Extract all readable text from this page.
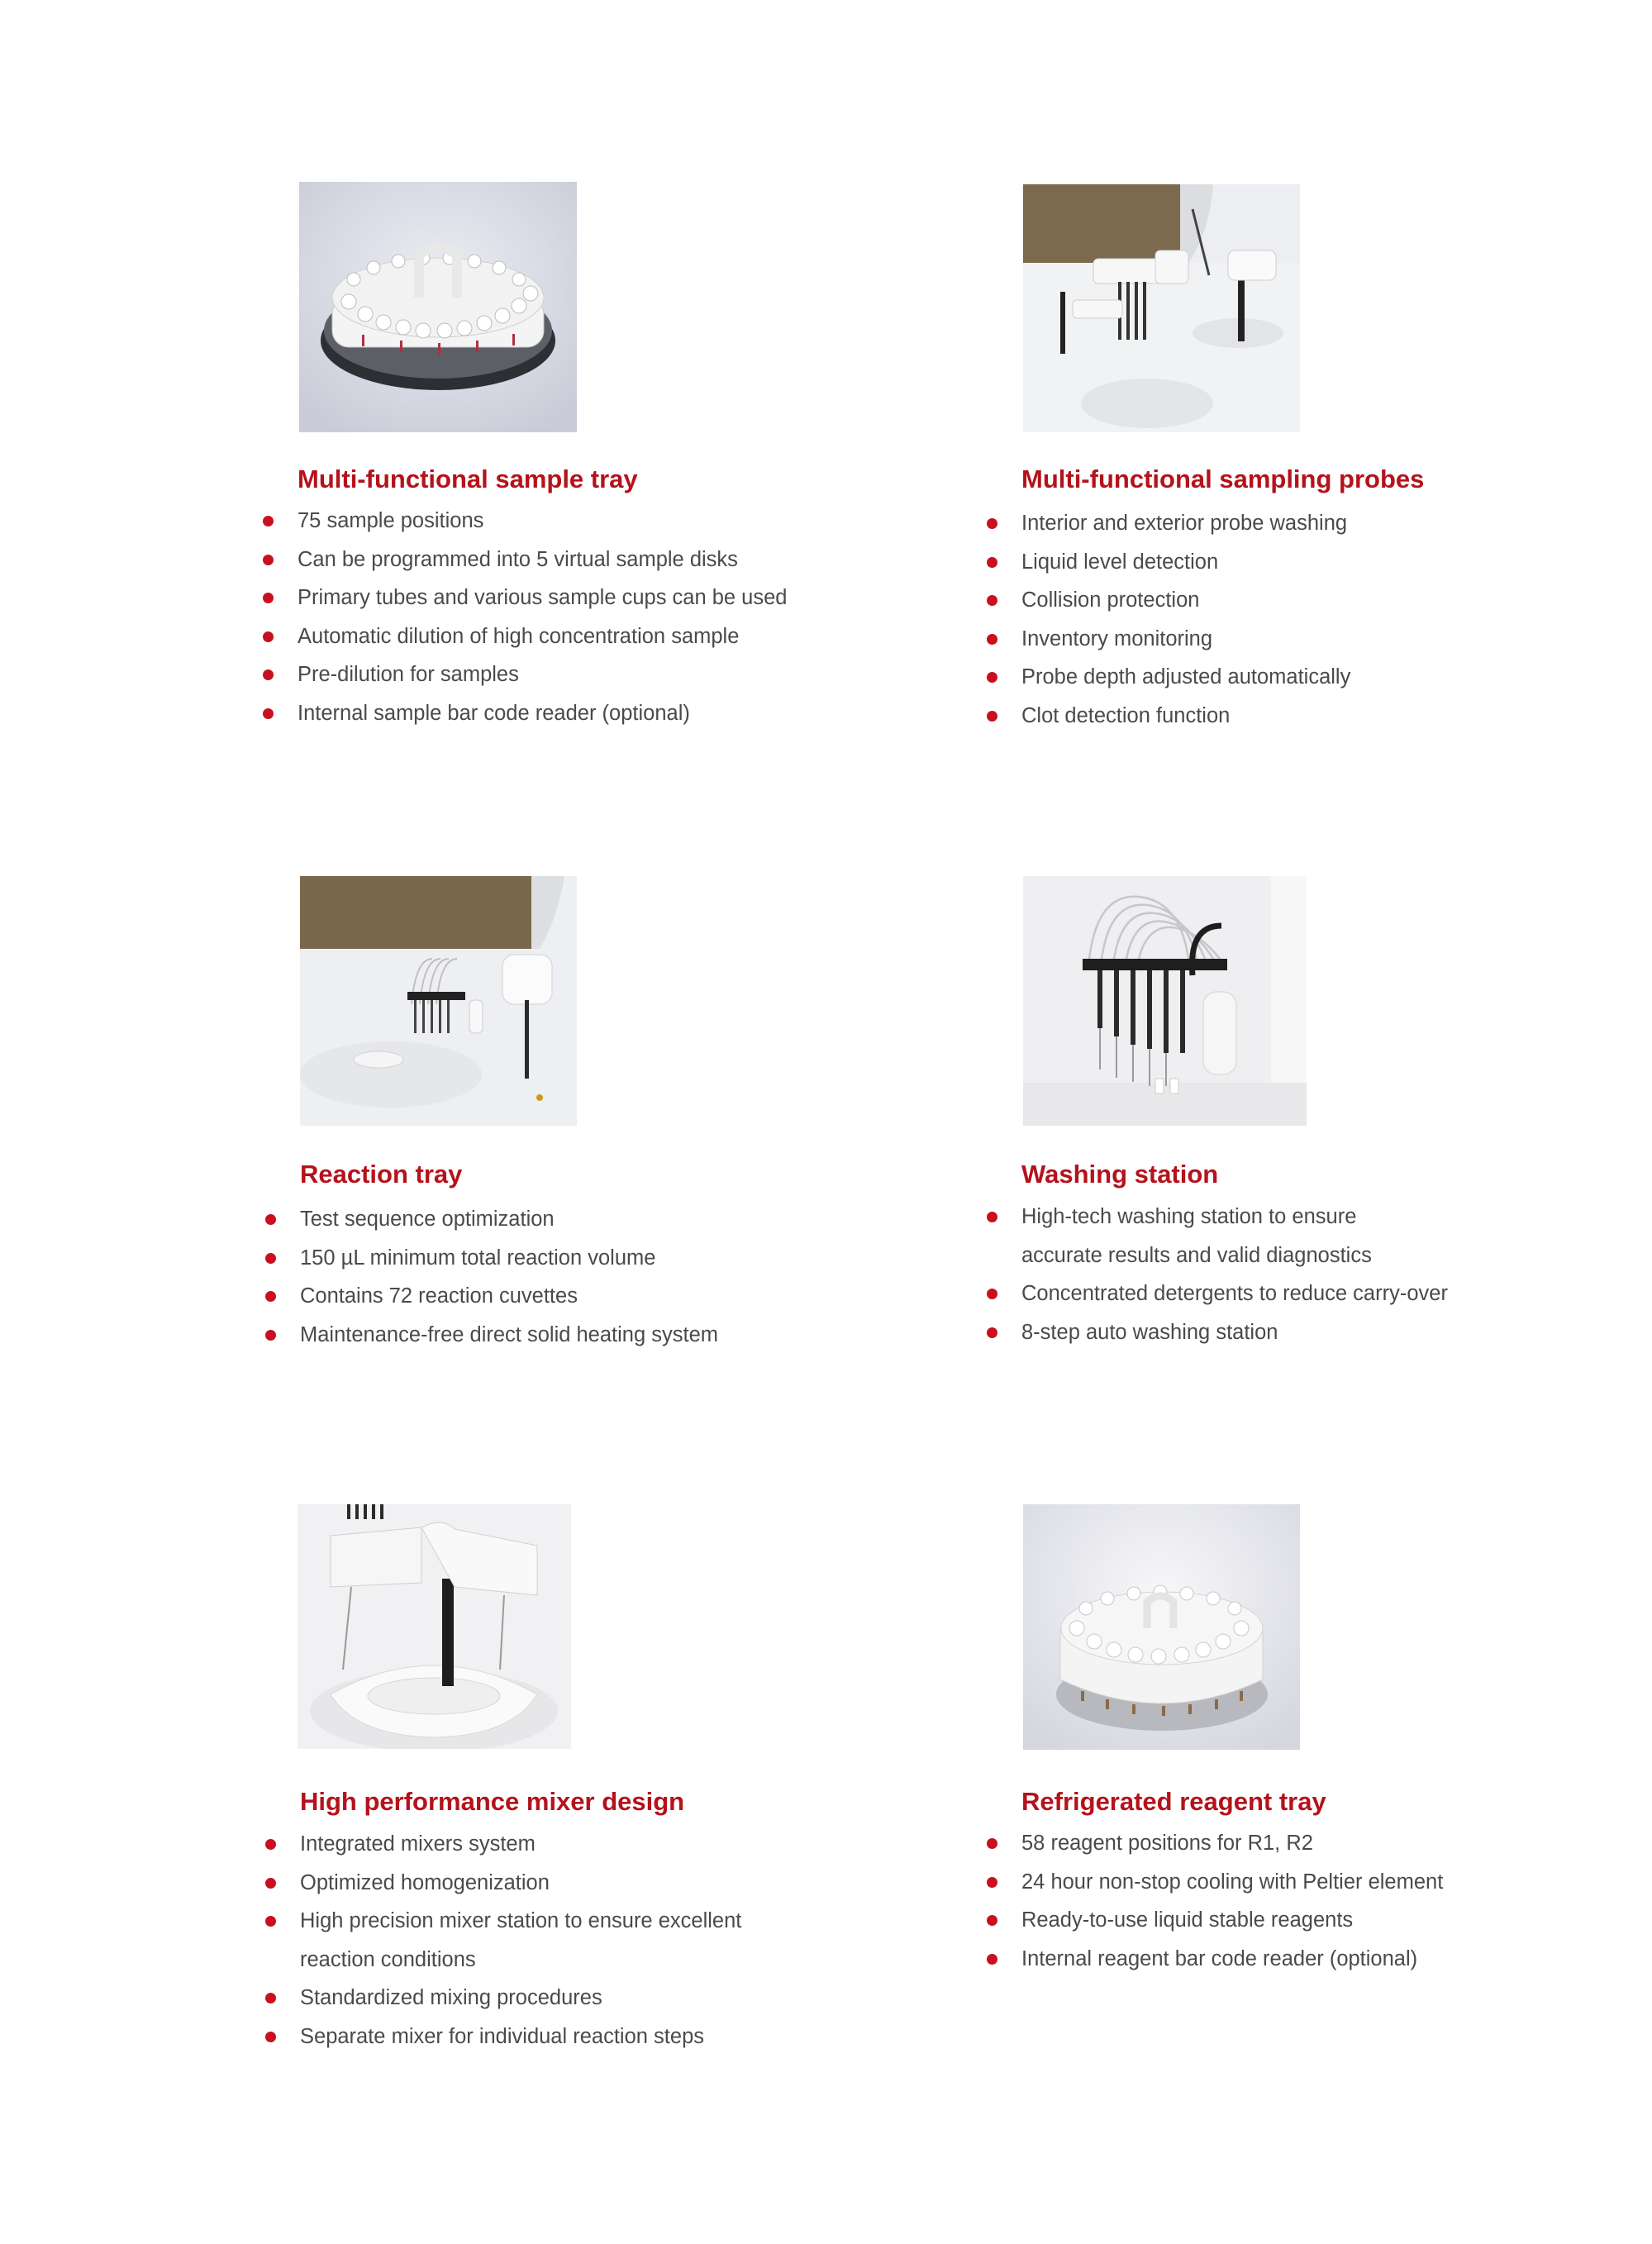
Multi-functional sample tray
75 sample positions
Can be programmed into 5 virtual sample disks
Primary tubes and various sample cups can be used
Automatic dilution of high concentration sample
Pre-dilution for samples
Internal sample bar code reader (optional)
Multi-functional sampling probes
Interior and exterior probe washing
Liquid level detection
Collision protection
Inventory monitoring
Probe depth adjusted automatically
Clot detection function
Reaction tray
Test sequence optimization
150 µL minimum total reaction volume
Contains 72 reaction cuvettes
Maintenance-free direct solid heating system
Washing station
High-tech washing station to ensure
accurate results and valid diagnostics
Concentrated detergents to reduce carry-over
8-step auto washing station
High performance mixer design
Integrated mixers system
Optimized homogenization
High precision mixer station to ensure excellent
reaction conditions
Standardized mixing procedures
Separate mixer for individual reaction steps
Refrigerated reagent tray
58 reagent positions for R1, R2
24 hour non-stop cooling with Peltier element
Ready-to-use liquid stable reagents
Internal reagent bar code reader (optional)
